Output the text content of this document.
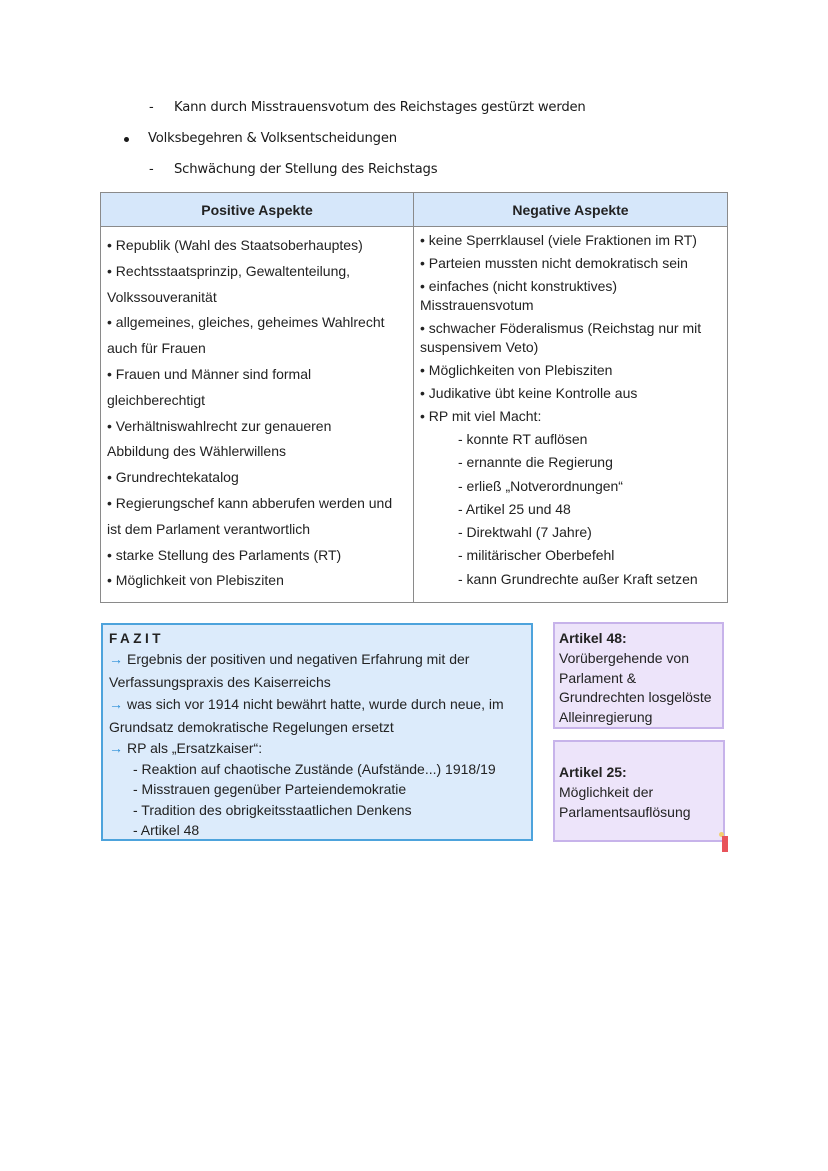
- Kann durch Misstrauensvotum des Reichstages gestürzt werden
Volksbegehren & Volksentscheidungen
- Schwächung der Stellung des Reichstags
Positive Aspekte	Negative Aspekte

• Republik (Wahl des Staatsoberhauptes)
• Rechtsstaatsprinzip, Gewaltenteilung,
Volkssouveranität
• allgemeines, gleiches, geheimes Wahlrecht
auch für Frauen
• Frauen und Männer sind formal
gleichberechtigt
• Verhältniswahlrecht zur genaueren
Abbildung des Wählerwillens
• Grundrechtekatalog
• Regierungschef kann abberufen werden und
ist dem Parlament verantwortlich
• starke Stellung des Parlaments (RT)
• Möglichkeit von Plebisziten

• keine Sperrklausel (viele Fraktionen im RT)
• Parteien mussten nicht demokratisch sein
• einfaches (nicht konstruktives) Misstrauensvotum
• schwacher Föderalismus (Reichstag nur mit suspensivem Veto)
• Möglichkeiten von Plebisziten
• Judikative übt keine Kontrolle aus
• RP mit viel Macht:
- konnte RT auflösen
- ernannte die Regierung
- erließ „Notverordnungen“
- Artikel 25 und 48
- Direktwahl (7 Jahre)
- militärischer Oberbefehl
- kann Grundrechte außer Kraft setzen
FAZIT
→ Ergebnis der positiven und negativen Erfahrung mit der Verfassungspraxis des Kaiserreichs
→ was sich vor 1914 nicht bewährt hatte, wurde durch neue, im Grundsatz demokratische Regelungen ersetzt
→ RP als „Ersatzkaiser“:
- Reaktion auf chaotische Zustände (Aufstände...) 1918/19
- Misstrauen gegenüber Parteiendemokratie
- Tradition des obrigkeitsstaatlichen Denkens
- Artikel 48
Artikel 48:
Vorübergehende von Parlament & Grundrechten losgelöste Alleinregierung
Artikel 25:
Möglichkeit der Parlamentsauflösung
